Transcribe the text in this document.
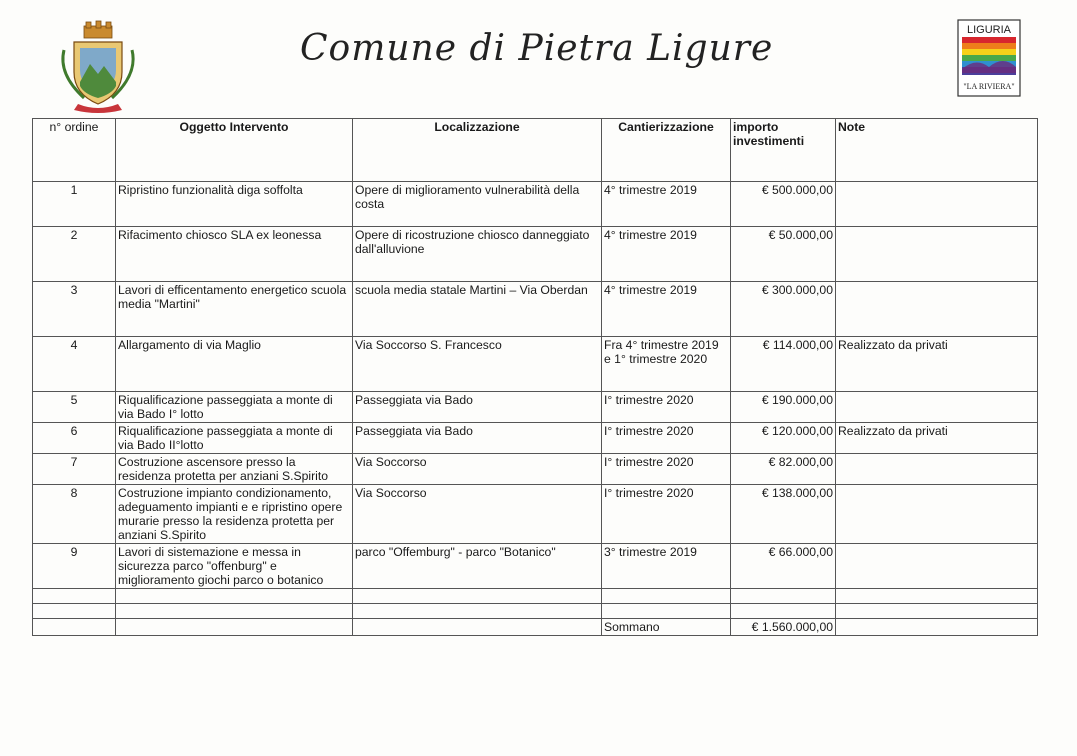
Comune di Pietra Ligure	LIGURIA
"LA RIVIERA"
n° ordine	Oggetto Intervento	Localizzazione	Cantierizzazione	importo investimenti	Note
1	Ripristino funzionalità diga soffolta	Opere di miglioramento vulnerabilità della costa	4° trimestre 2019	€ 500.000,00	
2	Rifacimento chiosco SLA ex leonessa	Opere di ricostruzione chiosco danneggiato dall'alluvione	4° trimestre 2019	€ 50.000,00	
3	Lavori di efficentamento energetico scuola media "Martini"	scuola media statale Martini – Via Oberdan	4° trimestre 2019	€ 300.000,00	
4	Allargamento di via Maglio	Via Soccorso S. Francesco	Fra 4° trimestre 2019 e 1° trimestre 2020	€ 114.000,00	Realizzato da privati
5	Riqualificazione passeggiata a monte di via Bado I° lotto	Passeggiata via Bado	I° trimestre 2020	€ 190.000,00	
6	Riqualificazione passeggiata a monte di via Bado II°lotto	Passeggiata via Bado	I° trimestre 2020	€ 120.000,00	Realizzato da privati
7	Costruzione ascensore presso la residenza protetta per anziani S.Spirito	Via Soccorso	I° trimestre 2020	€ 82.000,00	
8	Costruzione impianto condizionamento, adeguamento impianti e e ripristino opere murarie presso la residenza protetta per anziani S.Spirito	Via Soccorso	I° trimestre 2020	€ 138.000,00	
9	Lavori di sistemazione e messa in sicurezza parco "offenburg" e miglioramento giochi parco o botanico	parco "Offemburg" - parco "Botanico"	3° trimestre 2019	€ 66.000,00	

			Sommano	€ 1.560.000,00	
